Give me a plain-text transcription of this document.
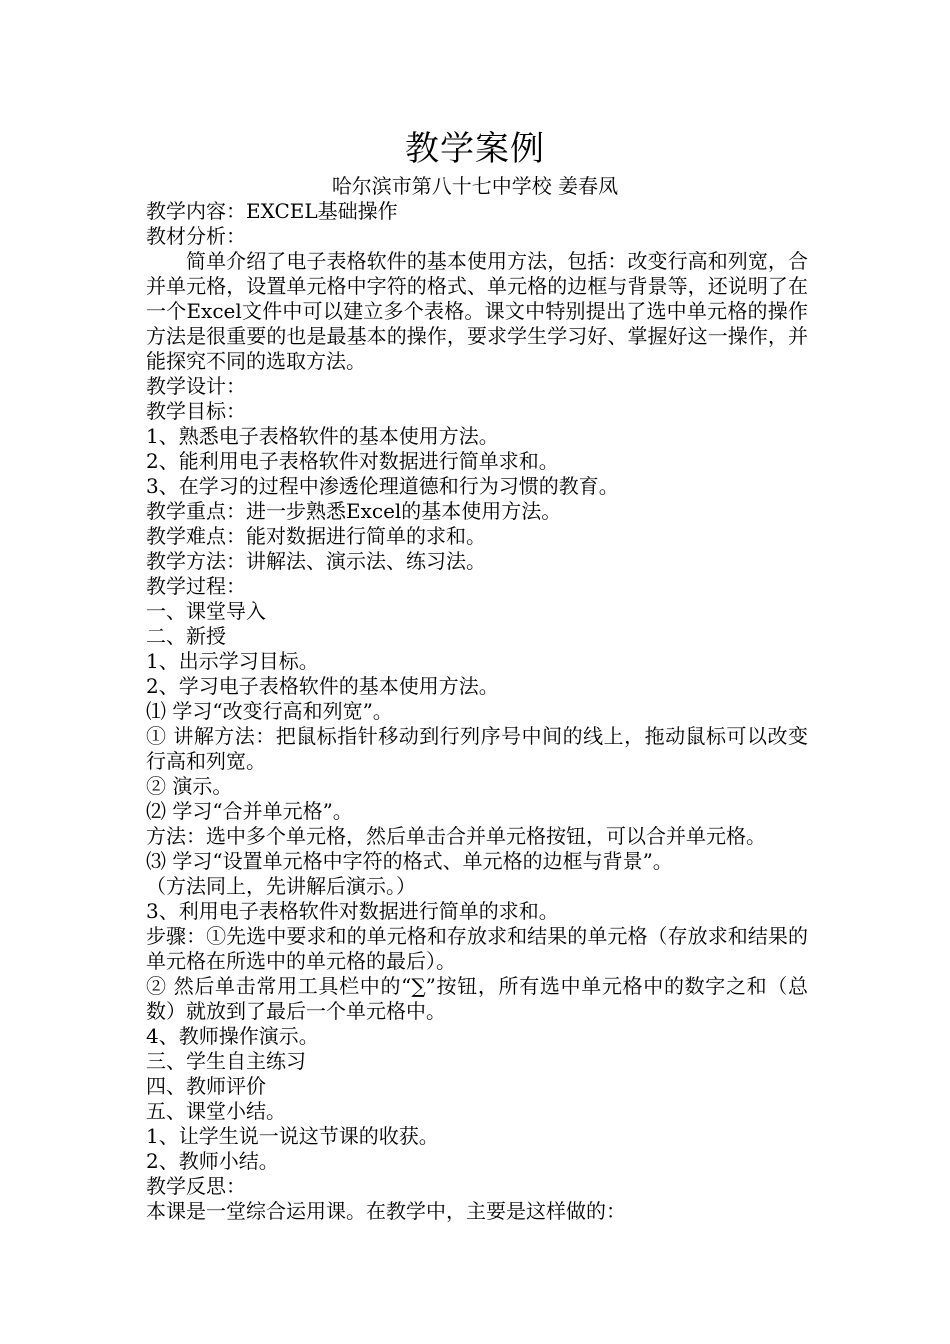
教学案例
哈尔滨市第八十七中学校 姜春凤

教学内容：EXCEL基础操作

教材分析：

简单介绍了电子表格软件的基本使用方法，包括：改变行高和列宽，合并单元格，设置单元格中字符的格式、单元格的边框与背景等，还说明了在一个Excel文件中可以建立多个表格。课文中特别提出了选中单元格的操作方法是很重要的也是最基本的操作，要求学生学习好、掌握好这一操作，并能探究不同的选取方法。

教学设计：

教学目标：

1、熟悉电子表格软件的基本使用方法。

2、能利用电子表格软件对数据进行简单求和。

3、在学习的过程中渗透伦理道德和行为习惯的教育。

教学重点：进一步熟悉Excel的基本使用方法。

教学难点：能对数据进行简单的求和。

教学方法：讲解法、演示法、练习法。

教学过程：

一、课堂导入

二、新授

1、出示学习目标。

2、学习电子表格软件的基本使用方法。

⑴ 学习“改变行高和列宽”。

① 讲解方法：把鼠标指针移动到行列序号中间的线上，拖动鼠标可以改变行高和列宽。

② 演示。

⑵ 学习“合并单元格”。

方法：选中多个单元格，然后单击合并单元格按钮，可以合并单元格。

⑶ 学习“设置单元格中字符的格式、单元格的边框与背景”。

（方法同上，先讲解后演示。）

3、利用电子表格软件对数据进行简单的求和。

步骤：①先选中要求和的单元格和存放求和结果的单元格（存放求和结果的单元格在所选中的单元格的最后）。

② 然后单击常用工具栏中的“∑”按钮，所有选中单元格中的数字之和（总数）就放到了最后一个单元格中。

4、教师操作演示。

三、学生自主练习

四、教师评价

五、课堂小结。

1、让学生说一说这节课的收获。

2、教师小结。

教学反思：

本课是一堂综合运用课。在教学中，主要是这样做的：
